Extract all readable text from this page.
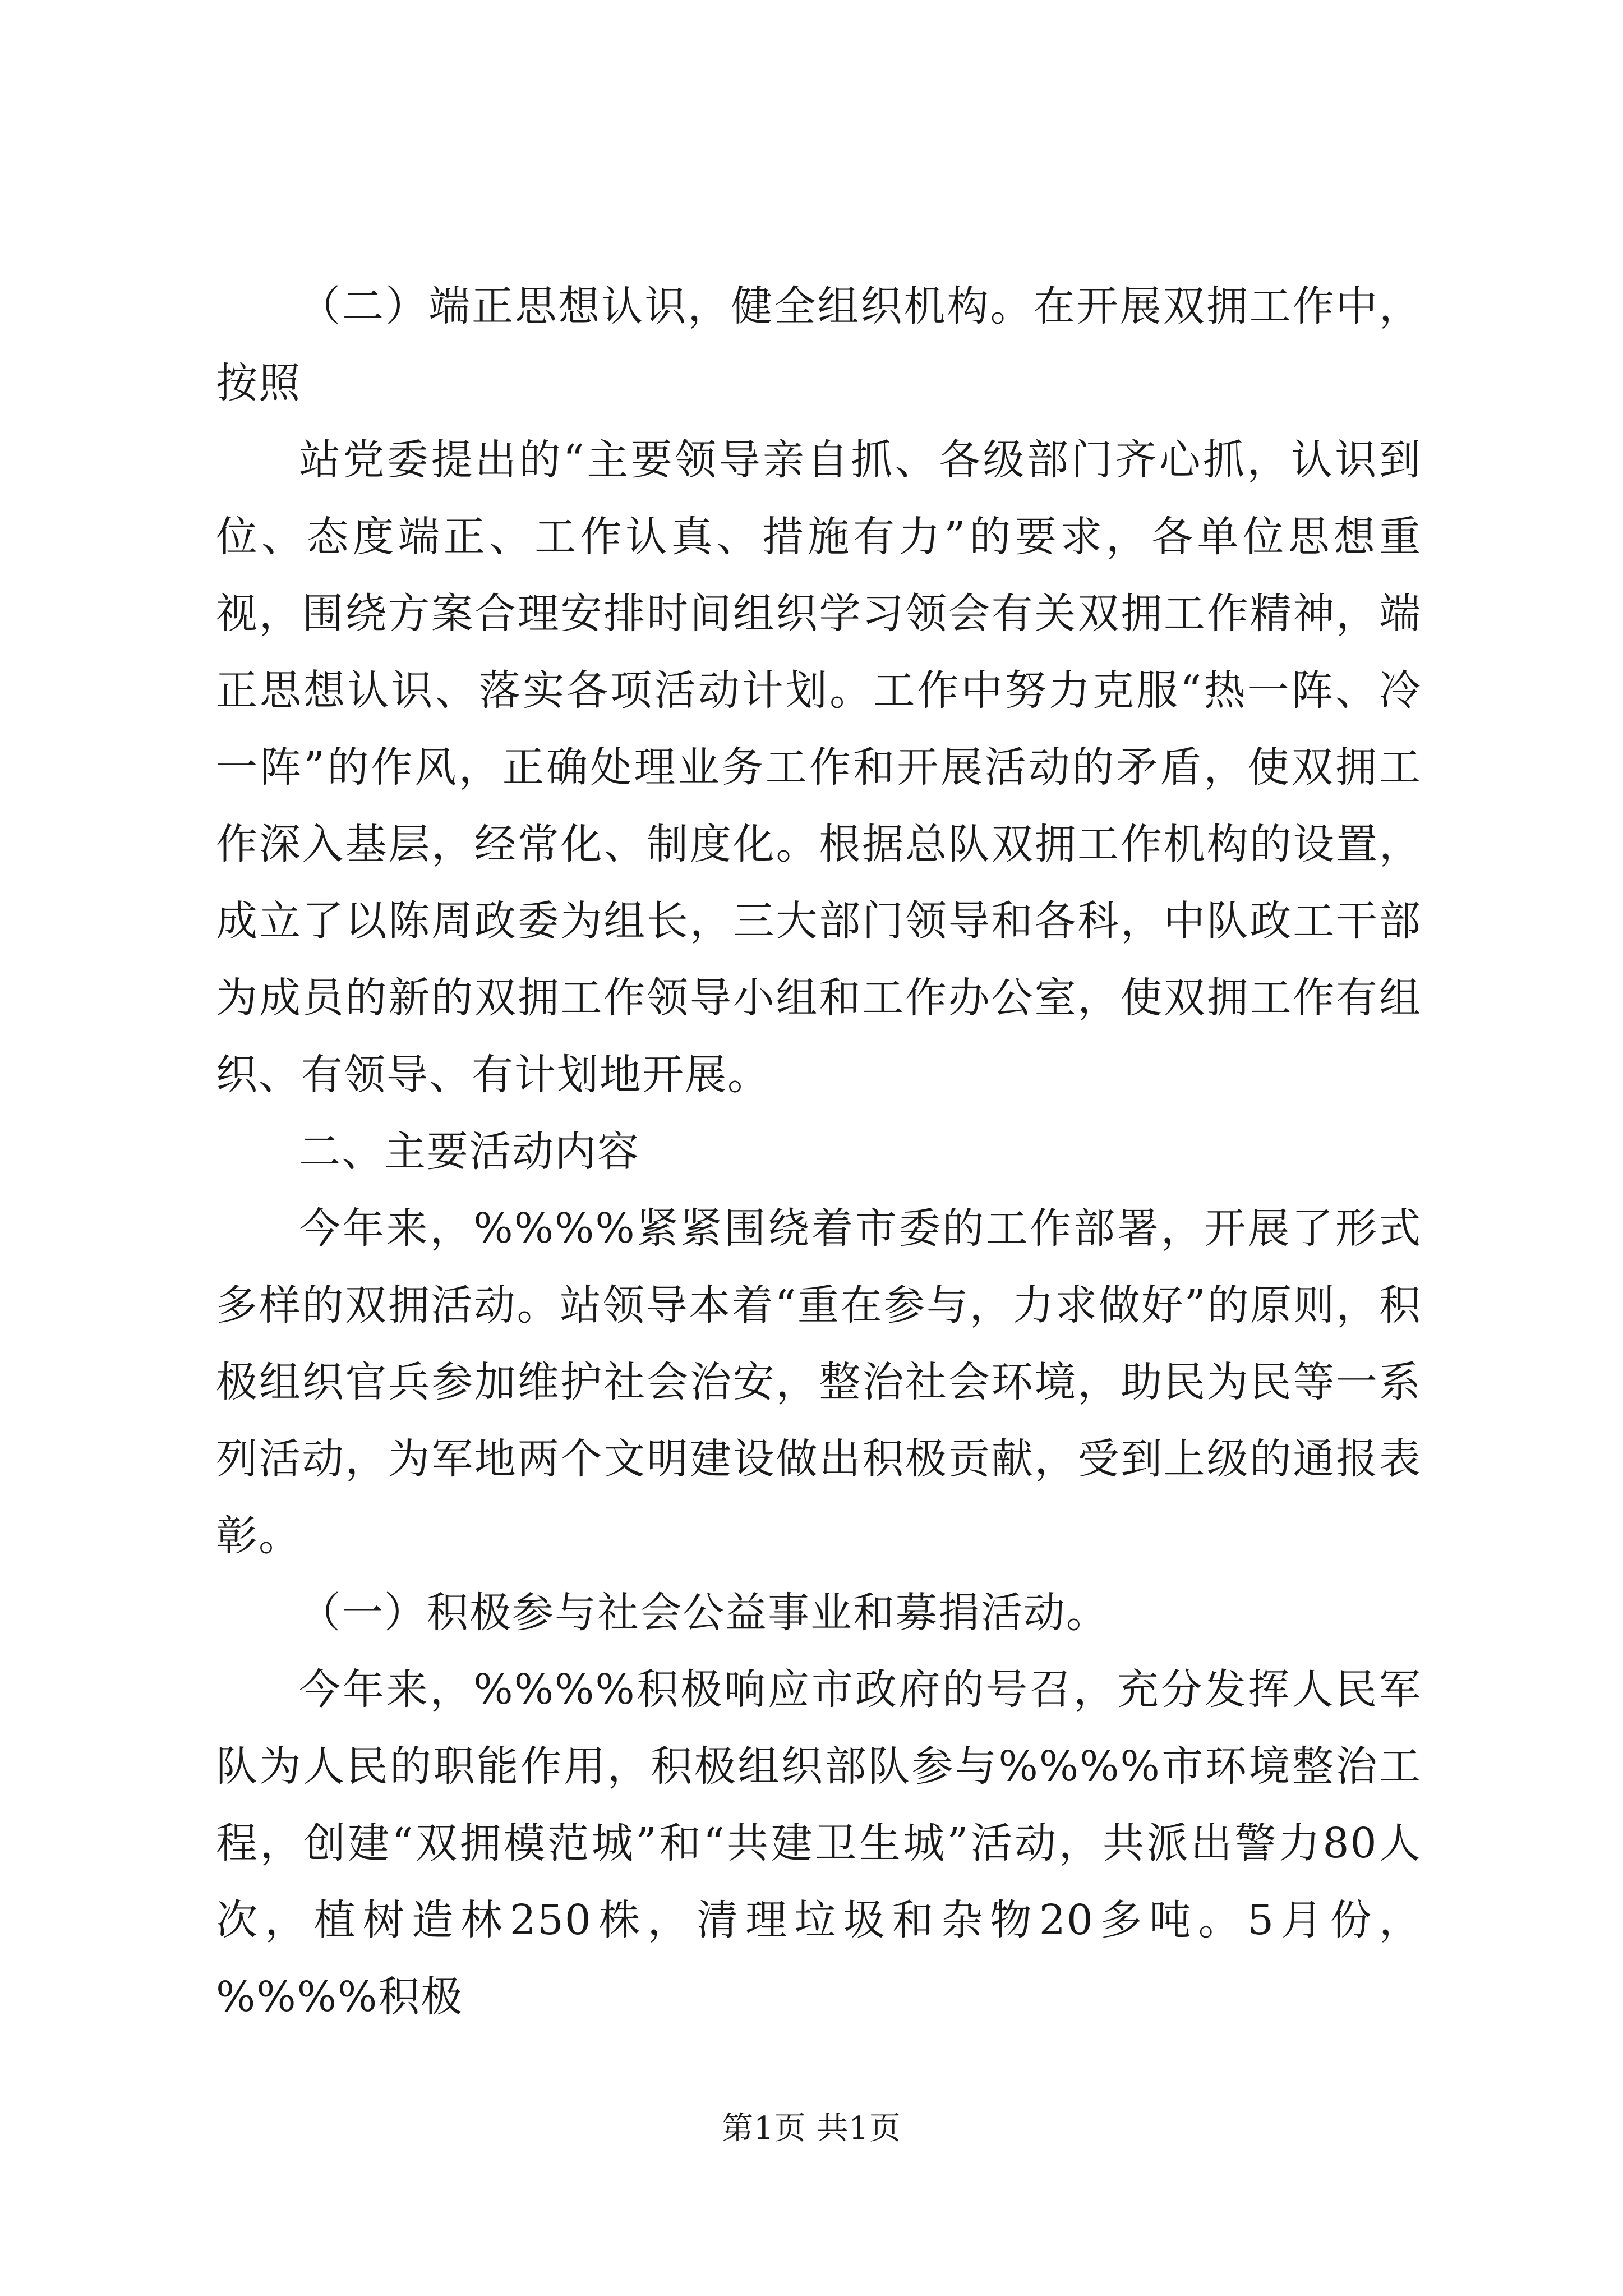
（二）端正思想认识，健全组织机构。在开展双拥工作中，按照

站党委提出的“主要领导亲自抓、各级部门齐心抓，认识到位、态度端正、工作认真、措施有力”的要求，各单位思想重视，围绕方案合理安排时间组织学习领会有关双拥工作精神，端正思想认识、落实各项活动计划。工作中努力克服“热一阵、冷一阵”的作风，正确处理业务工作和开展活动的矛盾，使双拥工作深入基层，经常化、制度化。根据总队双拥工作机构的设置，成立了以陈周政委为组长，三大部门领导和各科，中队政工干部为成员的新的双拥工作领导小组和工作办公室，使双拥工作有组织、有领导、有计划地开展。

二、主要活动内容

今年来，%%%%紧紧围绕着市委的工作部署，开展了形式多样的双拥活动。站领导本着“重在参与，力求做好”的原则，积极组织官兵参加维护社会治安，整治社会环境，助民为民等一系列活动，为军地两个文明建设做出积极贡献，受到上级的通报表彰。

（一）积极参与社会公益事业和募捐活动。

今年来，%%%%积极响应市政府的号召，充分发挥人民军队为人民的职能作用，积极组织部队参与%%%%市环境整治工程，创建“双拥模范城”和“共建卫生城”活动，共派出警力80人次，植树造林250株，清理垃圾和杂物20多吨。5月份，%%%%积极

第1页 共1页
